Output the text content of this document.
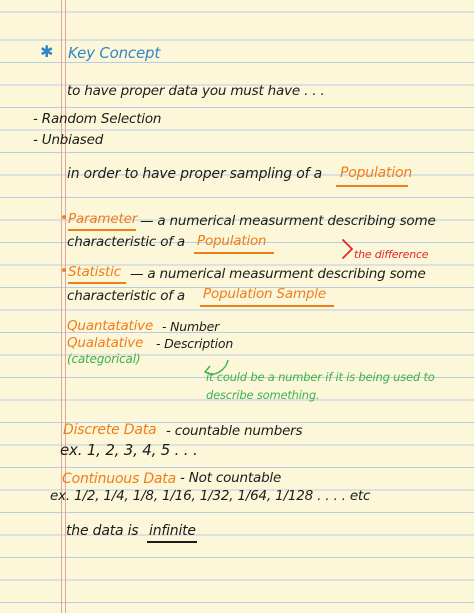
✱ Key Concept
to have proper data you must have . . .
- Random Selection
- Unbiased
in order to have proper sampling of a Population
• Parameter — a numerical measurment describing some
characteristic of a Population
the difference
• Statistic — a numerical measurment describing some
characteristic of a Population Sample
Quantatative - Number
Qualatative - Description
(categorical)
it could be a number if it is being used to
describe something.
Discrete Data - countable numbers
ex. 1, 2, 3, 4, 5 . . .
Continuous Data - Not countable
ex. 1/2, 1/4, 1/8, 1/16, 1/32, 1/64, 1/128 . . . . etc
the data is infinite
